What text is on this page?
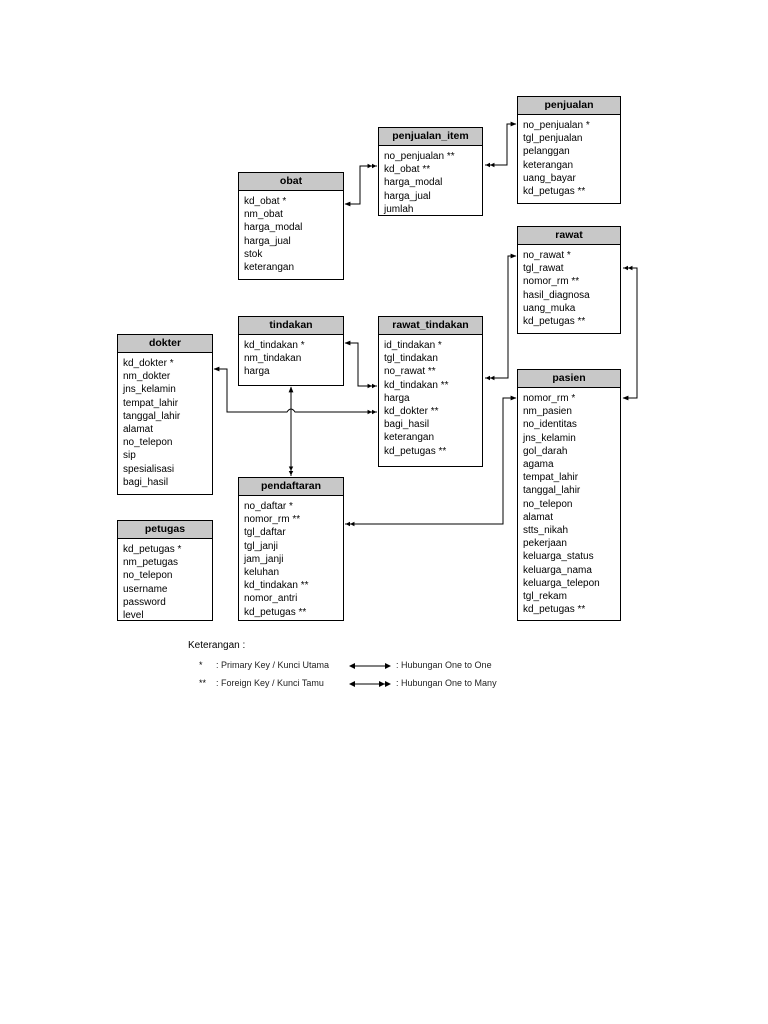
penjualan
no_penjualan *
tgl_penjualan
pelanggan
keterangan
uang_bayar
kd_petugas **
penjualan_item
no_penjualan **
kd_obat **
harga_modal
harga_jual
jumlah
obat
kd_obat *
nm_obat
harga_modal
harga_jual
stok
keterangan
rawat
no_rawat *
tgl_rawat
nomor_rm **
hasil_diagnosa
uang_muka
kd_petugas **
tindakan
kd_tindakan *
nm_tindakan
harga
rawat_tindakan
id_tindakan *
tgl_tindakan
no_rawat **
kd_tindakan **
harga
kd_dokter **
bagi_hasil
keterangan
kd_petugas **
dokter
kd_dokter *
nm_dokter
jns_kelamin
tempat_lahir
tanggal_lahir
alamat
no_telepon
sip
spesialisasi
bagi_hasil
pasien
nomor_rm *
nm_pasien
no_identitas
jns_kelamin
gol_darah
agama
tempat_lahir
tanggal_lahir
no_telepon
alamat
stts_nikah
pekerjaan
keluarga_status
keluarga_nama
keluarga_telepon
tgl_rekam
kd_petugas **
pendaftaran
no_daftar *
nomor_rm **
tgl_daftar
tgl_janji
jam_janji
keluhan
kd_tindakan **
nomor_antri
kd_petugas **
petugas
kd_petugas *
nm_petugas
no_telepon
username
password
level
Keterangan :
* : Primary Key / Kunci Utama	: Hubungan One to One
** : Foreign Key / Kunci Tamu	: Hubungan One to Many
